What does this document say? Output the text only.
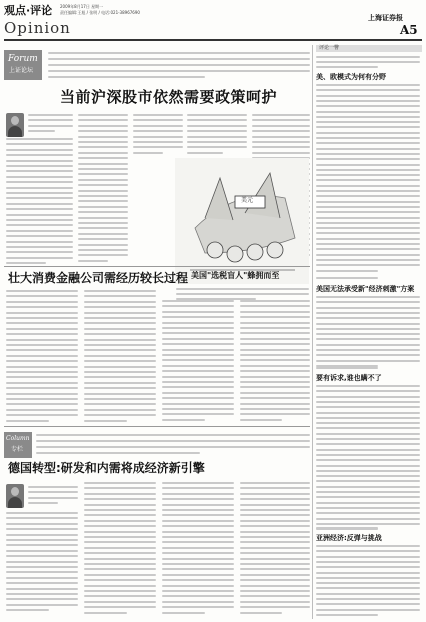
观点·评论 2009年8月17日 星期一
责任编辑:王旭 / 张明 / 电话:021-38967690
Opinion
上海证券报
A5
Forum
上证论坛
当前沪深股市依然需要政策呵护
美元
美国"选税盲人"蜂拥而至
壮大消费金融公司需经历较长过程
Column
专栏
德国转型:研发和内需将成经济新引擎
评论一瞥
美、欧模式为何有分野
美国无法承受新"经济刺激"方案
要有诉求,谁也瞒不了
亚洲经济:反弹与挑战
